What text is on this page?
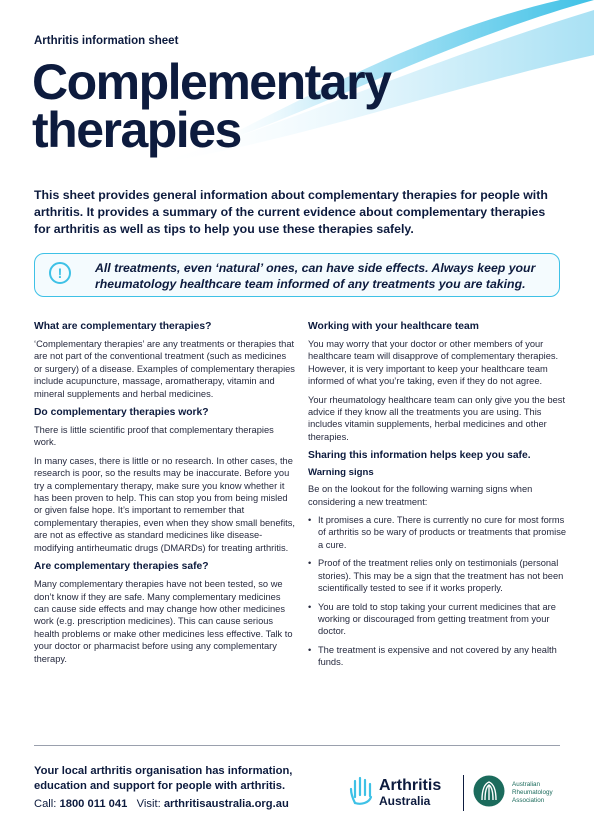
Arthritis information sheet
Complementary
therapies

This sheet provides general information about complementary therapies for people with arthritis. It provides a summary of the current evidence about complementary therapies for arthritis as well as tips to help you use these therapies safely.

!	All treatments, even ‘natural’ ones, can have side effects. Always keep your rheumatology healthcare team informed of any treatments you are taking.
What are complementary therapies?

‘Complementary therapies’ are any treatments or therapies that are not part of the conventional treatment (such as medicines or surgery) of a disease. Examples of complementary therapies include acupuncture, massage, aromatherapy, vitamin and mineral supplements and herbal medicines.

Do complementary therapies work?

There is little scientific proof that complementary therapies work.

In many cases, there is little or no research. In other cases, the research is poor, so the results may be inaccurate. Before you try a complementary therapy, make sure you know whether it has been proven to help. This can stop you from being misled or given false hope. It’s important to remember that complementary therapies, even when they show small benefits, are not as effective as standard medicines like disease-modifying antirheumatic drugs (DMARDs) for treating arthritis.

Are complementary therapies safe?

Many complementary therapies have not been tested, so we don’t know if they are safe. Many complementary medicines can cause side effects and may change how other medicines work (e.g. prescription medicines). This can cause serious health problems or make other medicines less effective. Talk to your doctor or pharmacist before using any complementary therapy.

Working with your healthcare team

You may worry that your doctor or other members of your healthcare team will disapprove of complementary therapies. However, it is very important to keep your healthcare team informed of what you’re taking, even if they do not agree.

Your rheumatology healthcare team can only give you the best advice if they know all the treatments you are using. This includes vitamin supplements, herbal medicines and other therapies.

Sharing this information helps keep you safe.
Warning signs

Be on the lookout for the following warning signs when considering a new treatment:

• It promises a cure. There is currently no cure for most forms of arthritis so be wary of products or treatments that promise a cure.
• Proof of the treatment relies only on testimonials (personal stories). This may be a sign that the treatment has not been scientifically tested to see if it works properly.
• You are told to stop taking your current medicines that are working or discouraged from getting treatment from your doctor.
• The treatment is expensive and not covered by any health funds.
Your local arthritis organisation has information, education and support for people with arthritis.
Call: 1800 011 041 Visit: arthritisaustralia.org.au
Arthritis
Australia
Australian
Rheumatology
Association
